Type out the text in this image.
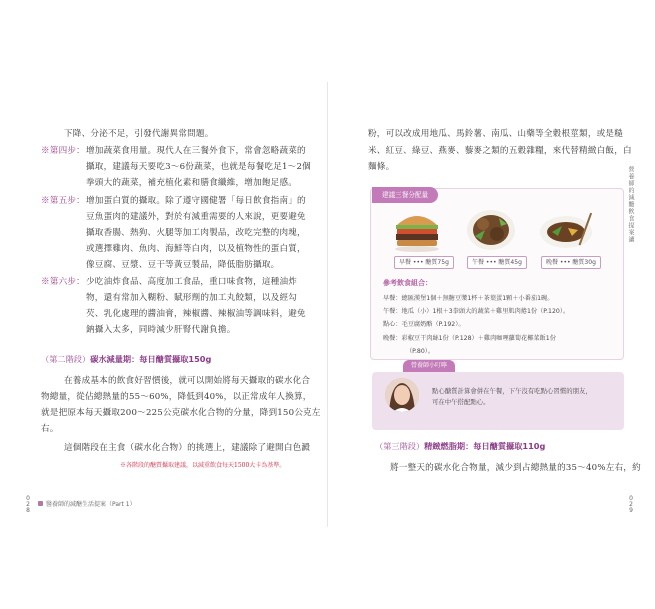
下降、分泌不足，引發代謝異常問題。
※第四步： 增加蔬菜食用量。現代人在三餐外食下，常會忽略蔬菜的
攝取，建議每天要吃3～6份蔬菜，也就是每餐吃足1～2個
拳頭大的蔬菜，補充植化素和膳食纖維，增加飽足感。
※第五步： 增加蛋白質的攝取。除了遵守國健署「每日飲食指南」的
豆魚蛋肉的建議外，對於有減重需要的人來說，更要避免
攝取香腸、熱狗、火腿等加工肉製品，改吃完整的肉塊，
或選擇雞肉、魚肉、海鮮等白肉，以及植物性的蛋白質，
像豆腐、豆漿、豆干等黃豆製品，降低脂肪攝取。
※第六步： 少吃油炸食品、高度加工食品，重口味食物，這種油炸
物，還有常加入糊粉、賦形劑的加工丸餃類，以及經勾
芡、乳化處理的醬油膏，辣椒醬、辣椒油等調味料，避免
鈉攝入太多，同時減少肝腎代謝負擔。
（第二階段）碳水減量期：每日醣質攝取150g
在養成基本的飲食好習慣後，就可以開始將每天攝取的碳水化合
物總量，從佔總熱量的55～60%，降低到40%，以正常成年人換算，
就是把原本每天攝取200～225公克碳水化合物的分量，降到150公克左
右。
這個階段在主食（碳水化合物）的挑選上，建議除了避開白色澱
※各階段的醣質攝取建議，以減重飲食每天1500大卡為基準。
0 2 8
醫養師的減醣生活提案（Part 1）
粉，可以改成用地瓜、馬鈴薯、南瓜、山藥等全穀根莖類，或是糙
米、紅豆、綠豆、燕麥、藜麥之類的五穀雜糧，來代替精緻白飯，白
麵條。
建議三餐分配量
早餐 ••• 醣質75g	午餐 ••• 醣質45g	晚餐 ••• 醣質30g
參考飲食組合：
早餐：總匯漢堡1個＋無糖豆漿1杯＋茶葉蛋1顆＋小番茄1碗。
午餐：地瓜（小）1根＋3拳頭大的蔬菜＋雞里肌肉捲1份（P.120）。
點心：毛豆腐奶酪（P.192）。
晚餐：彩椒豆干肉絲1份（P.128）＋雞肉咖哩蘿蔔花椰菜飯1份
（P.80）。
營養師小叮嚀
點心醣質計算會併在午餐，下午沒有吃點心習慣的朋友，
可在中午搭配點心。
（第三階段）精緻燃脂期：每日醣質攝取110g
將一整天的碳水化合物量，減少到占總熱量的35～40%左右，約
0 2 9
營養師的減醣飲食提案讓
